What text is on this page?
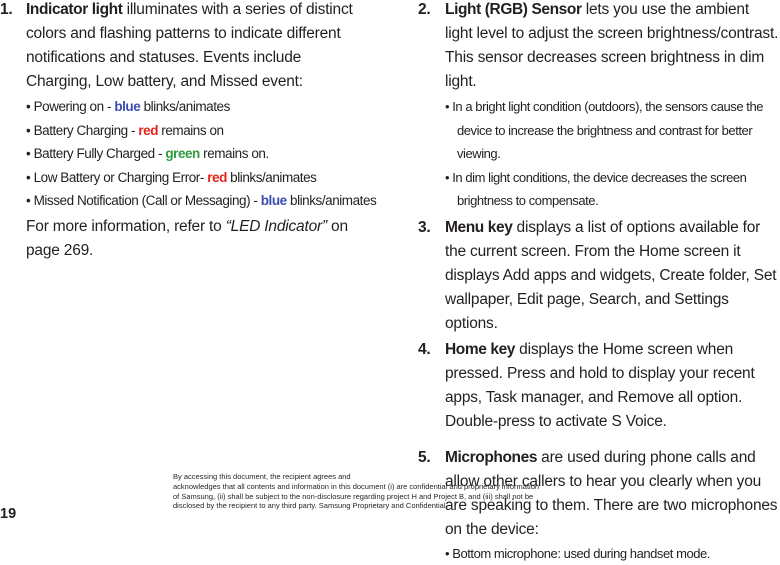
1. Indicator light illuminates with a series of distinct colors and flashing patterns to indicate different notifications and statuses. Events include Charging, Low battery, and Missed event:
• Powering on - blue blinks/animates
• Battery Charging - red remains on
• Battery Fully Charged - green remains on.
• Low Battery or Charging Error- red blinks/animates
• Missed Notification (Call or Messaging) - blue blinks/animates
For more information, refer to “LED Indicator” on page 269.
2. Light (RGB) Sensor lets you use the ambient light level to adjust the screen brightness/contrast. This sensor decreases screen brightness in dim light.
• In a bright light condition (outdoors), the sensors cause the device to increase the brightness and contrast for better viewing.
• In dim light conditions, the device decreases the screen brightness to compensate.
3. Menu key displays a list of options available for the current screen. From the Home screen it displays Add apps and widgets, Create folder, Set wallpaper, Edit page, Search, and Settings options.
4. Home key displays the Home screen when pressed. Press and hold to display your recent apps, Task manager, and Remove all option.
Double-press to activate S Voice.
5. Microphones are used during phone calls and allow other callers to hear you clearly when you are speaking to them. There are two microphones on the device:
• Bottom microphone: used during handset mode.
By accessing this document, the recipient agrees and
acknowledges that all contents and information in this document (i) are confidential and proprietary information
of Samsung, (ii) shall be subject to the non-disclosure regarding project H and Project B, and (iii) shall not be
disclosed by the recipient to any third party. Samsung Proprietary and Confidential
19
